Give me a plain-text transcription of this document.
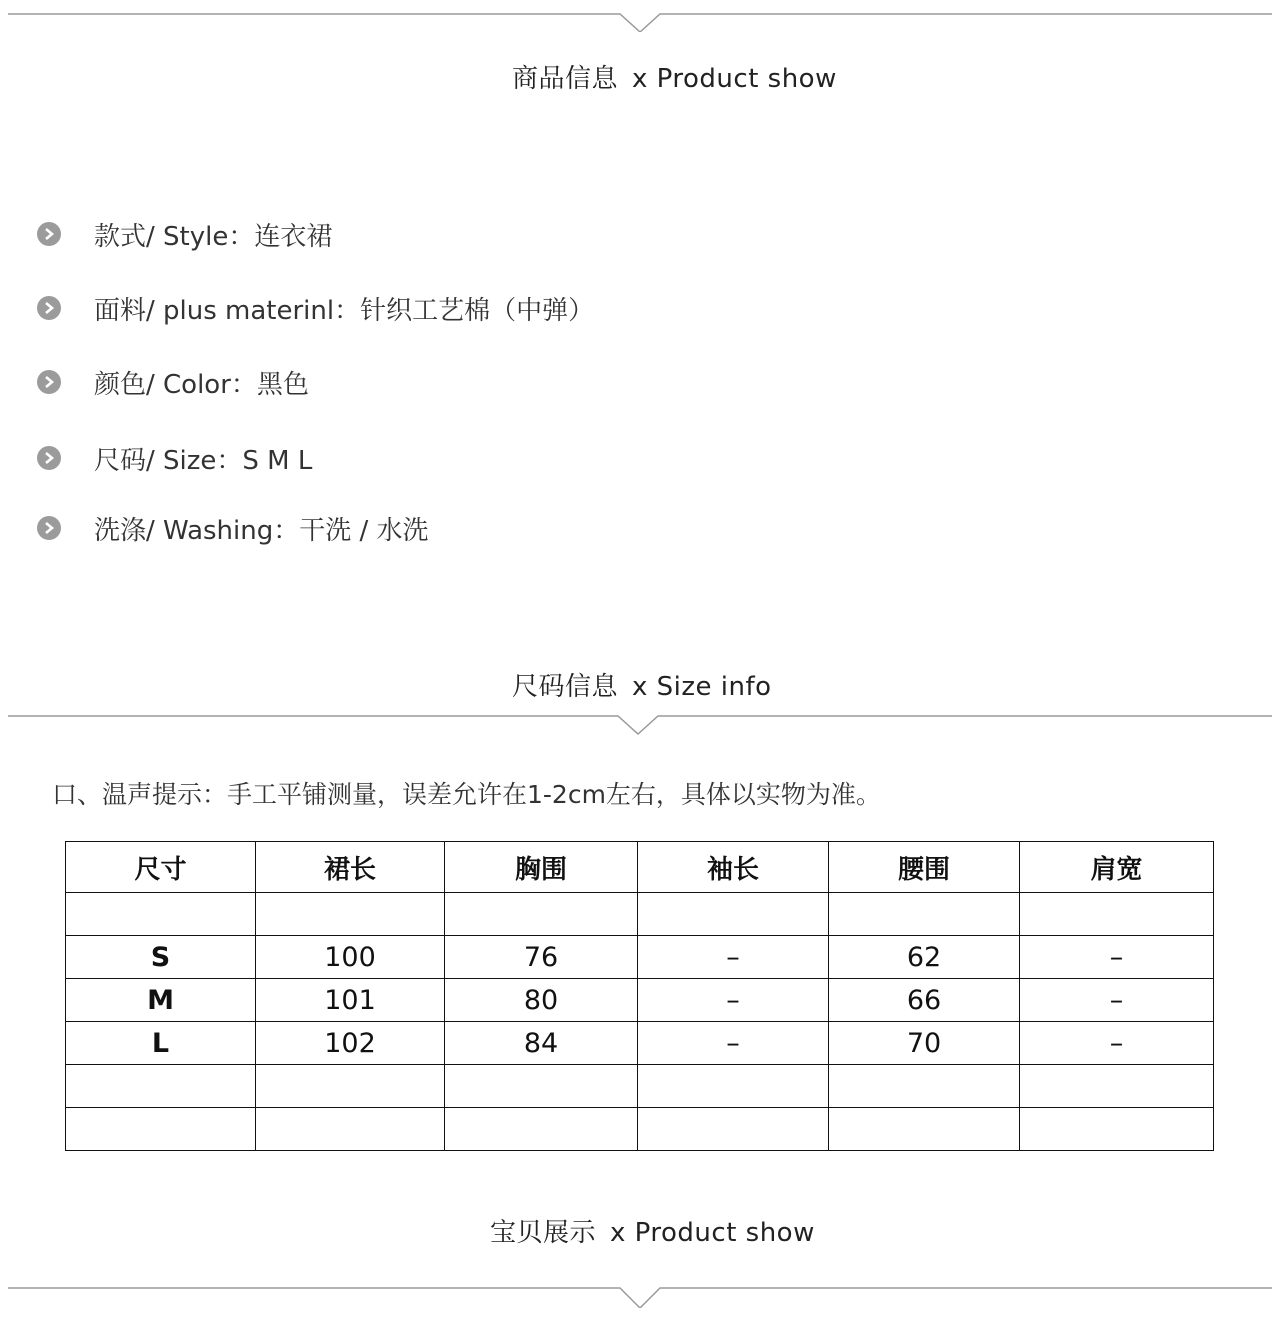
商品信息 x Product show
款式/ Style：连衣裙
面料/ plus materinl：针织工艺棉（中弹）
颜色/ Color：黑色
尺码/ Size：S M L
洗涤/ Washing：干洗 / 水洗
尺码信息 x Size info
口、温声提示：手工平铺测量，误差允许在1-2cm左右，具体以实物为准。
尺寸	裙长	胸围	袖长	腰围	肩宽

S	100	76	–	62	–
M	101	80	–	66	–
L	102	84	–	70	–

宝贝展示 x Product show
